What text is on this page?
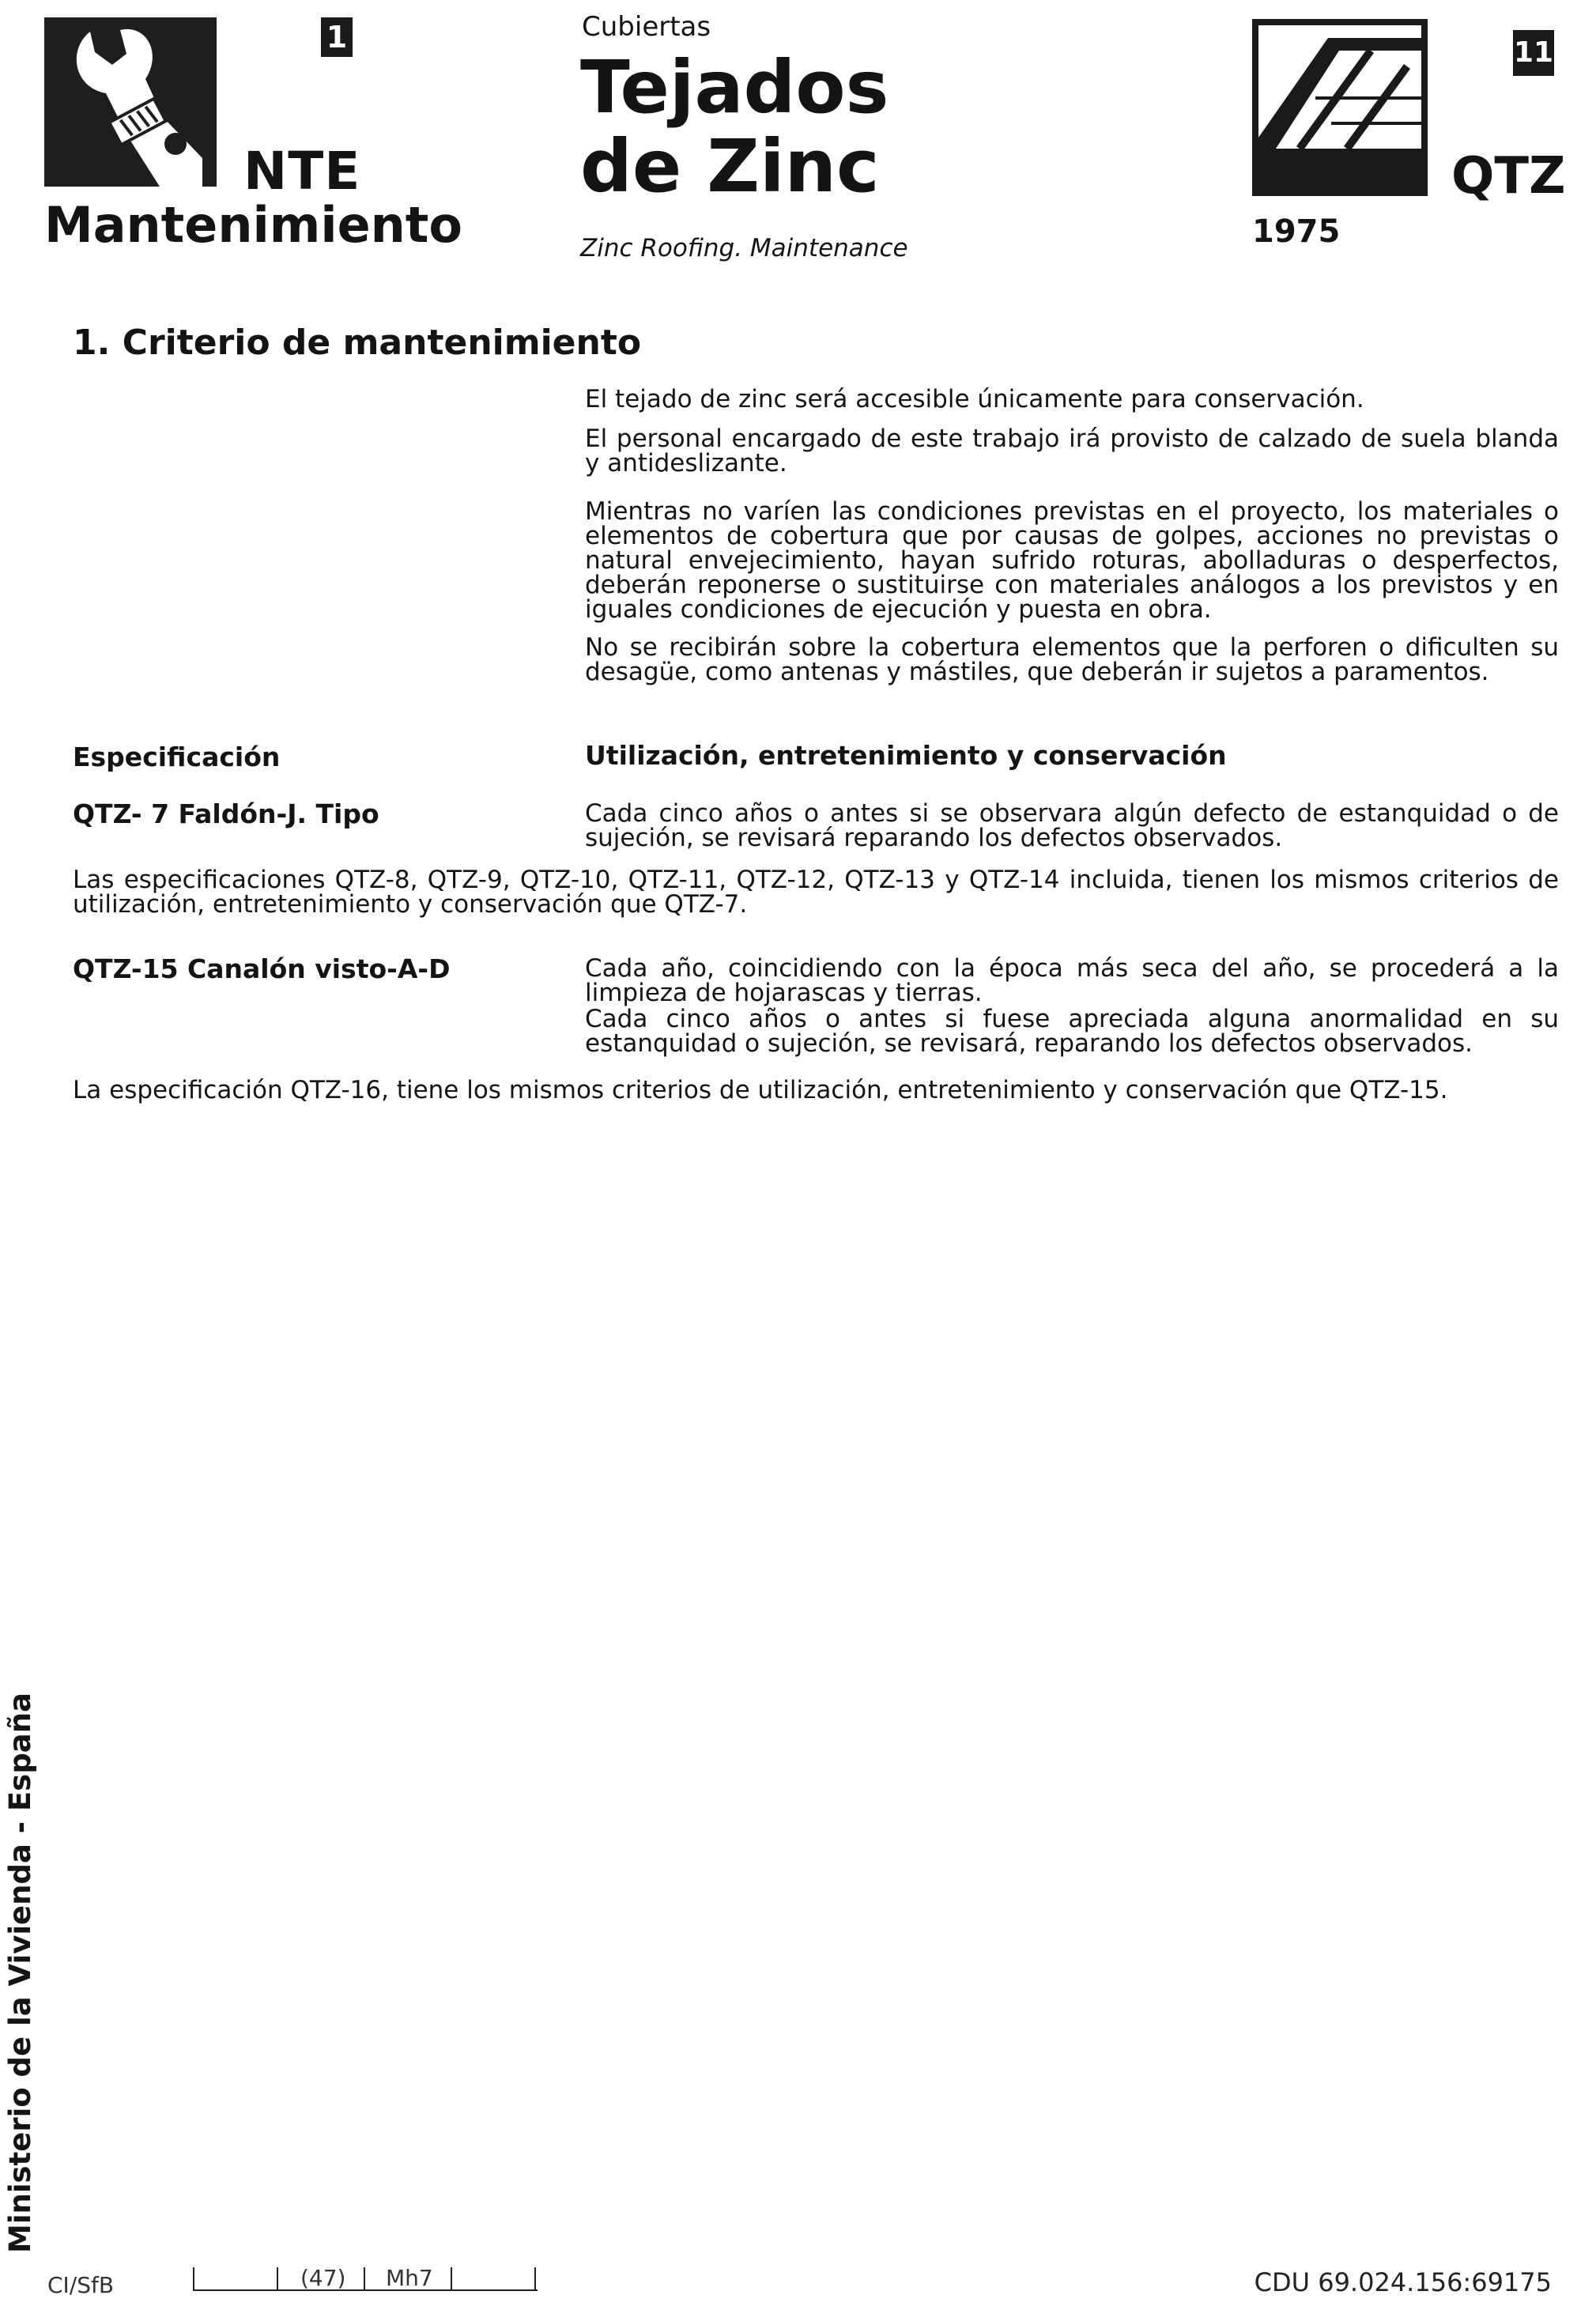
1
NTE
Mantenimiento
Cubiertas
Tejados
de Zinc
Zinc Roofing. Maintenance
11
QTZ
1975
1. Criterio de mantenimiento
El tejado de zinc será accesible únicamente para conservación.
El personal encargado de este trabajo irá provisto de calzado de suela blanda y antideslizante.
Mientras no varíen las condiciones previstas en el proyecto, los materiales o elementos de cobertura que por causas de golpes, acciones no previstas o natural envejecimiento, hayan sufrido roturas, abolladuras o desperfectos, deberán reponerse o sustituirse con materiales análogos a los previstos y en iguales condiciones de ejecución y puesta en obra.
No se recibirán sobre la cobertura elementos que la perforen o dificulten su desagüe, como antenas y mástiles, que deberán ir sujetos a paramentos.
Especificación	Utilización, entretenimiento y conservación
QTZ- 7 Faldón-J. Tipo	Cada cinco años o antes si se observara algún defecto de estanquidad o de sujeción, se revisará reparando los defectos observados.
Las especificaciones QTZ-8, QTZ-9, QTZ-10, QTZ-11, QTZ-12, QTZ-13 y QTZ-14 incluida, tienen los mismos criterios de utilización, entretenimiento y conservación que QTZ-7.
QTZ-15 Canalón visto-A-D	Cada año, coincidiendo con la época más seca del año, se procederá a la limpieza de hojarascas y tierras.
Cada cinco años o antes si fuese apreciada alguna anormalidad en su estanquidad o sujeción, se revisará, reparando los defectos observados.
La especificación QTZ-16, tiene los mismos criterios de utilización, entretenimiento y conservación que QTZ-15.
Ministerio de la Vivienda - España
CI/SfB	(47)	Mh7	CDU 69.024.156:69175
